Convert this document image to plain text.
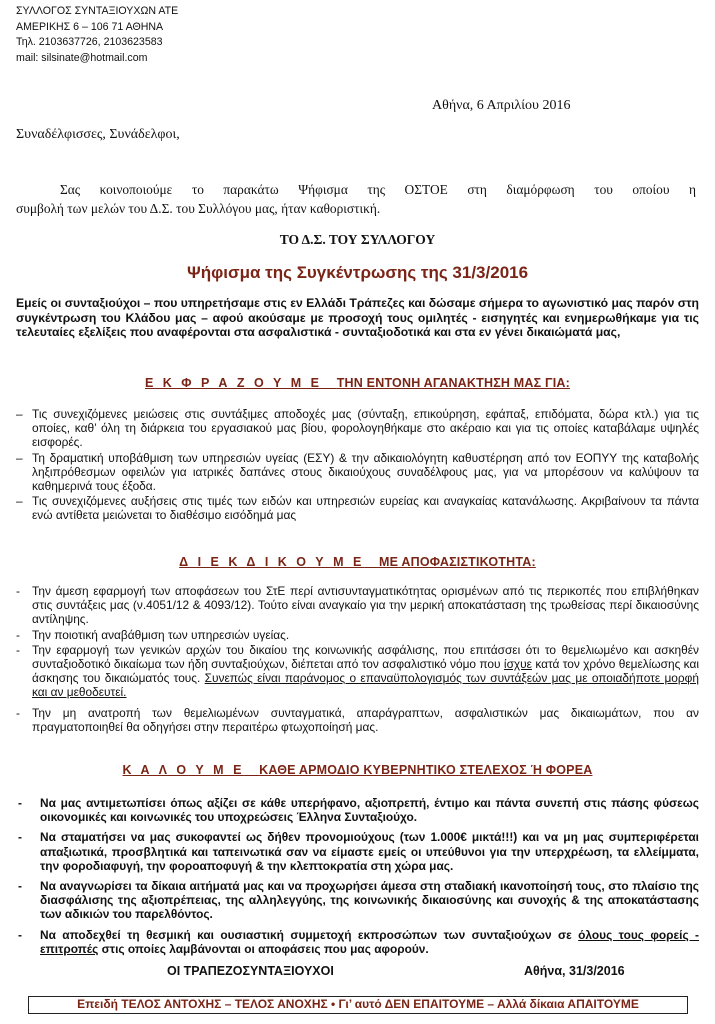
ΣΥΛΛΟΓΟΣ ΣΥΝΤΑΞΙΟΥΧΩΝ ΑΤΕ
ΑΜΕΡΙΚΗΣ 6 – 106 71 ΑΘΗΝΑ
Τηλ. 2103637726, 2103623583
mail: silsinate@hotmail.com
Αθήνα, 6 Απριλίου 2016
Συναδέλφισσες, Συνάδελφοι,
Σας κοινοποιούμε το παρακάτω Ψήφισμα της ΟΣΤΟΕ στη διαμόρφωση του οποίου η
συμβολή των μελών του Δ.Σ. του Συλλόγου μας, ήταν καθοριστική.
ΤΟ Δ.Σ. ΤΟΥ ΣΥΛΛΟΓΟΥ
Ψήφισμα της Συγκέντρωσης της 31/3/2016
Εμείς οι συνταξιούχοι – που υπηρετήσαμε στις εν Ελλάδι Τράπεζες και δώσαμε σήμερα το αγωνιστικό μας παρόν στη συγκέντρωση του Κλάδου μας – αφού ακούσαμε με προσοχή τους ομιλητές - εισηγητές και ενημερωθήκαμε για τις τελευταίες εξελίξεις που αναφέρονται στα ασφαλιστικά - συνταξιοδοτικά και στα εν γένει δικαιώματά μας,
Ε Κ Φ Ρ Α Ζ Ο Υ Μ Ε ΤΗΝ ΕΝΤΟΝΗ ΑΓΑΝΑΚΤΗΣΗ ΜΑΣ ΓΙΑ:
– Τις συνεχιζόμενες μειώσεις στις συντάξιμες αποδοχές μας (σύνταξη, επικούρηση, εφάπαξ, επιδόματα, δώρα κτλ.) για τις οποίες, καθ’ όλη τη διάρκεια του εργασιακού μας βίου, φορολογηθήκαμε στο ακέραιο και για τις οποίες καταβάλαμε υψηλές εισφορές.
– Τη δραματική υποβάθμιση των υπηρεσιών υγείας (ΕΣΥ) & την αδικαιολόγητη καθυστέρηση από τον ΕΟΠΥΥ της καταβολής ληξιπρόθεσμων οφειλών για ιατρικές δαπάνες στους δικαιούχους συναδέλφους μας, για να μπορέσουν να καλύψουν τα καθημερινά τους έξοδα.
– Τις συνεχιζόμενες αυξήσεις στις τιμές των ειδών και υπηρεσιών ευρείας και αναγκαίας κατανάλωσης. Ακριβαίνουν τα πάντα ενώ αντίθετα μειώνεται το διαθέσιμο εισόδημά μας
Δ Ι Ε Κ Δ Ι Κ Ο Υ Μ Ε ΜΕ ΑΠΟΦΑΣΙΣΤΙΚΟΤΗΤΑ:
- Την άμεση εφαρμογή των αποφάσεων του ΣτΕ περί αντισυνταγματικότητας ορισμένων από τις περικοπές που επιβλήθηκαν στις συντάξεις μας (ν.4051/12 & 4093/12). Τούτο είναι αναγκαίο για την μερική αποκατάσταση της τρωθείσας περί δικαιοσύνης αντίληψης.
- Την ποιοτική αναβάθμιση των υπηρεσιών υγείας.
- Την εφαρμογή των γενικών αρχών του δικαίου της κοινωνικής ασφάλισης, που επιτάσσει ότι το θεμελιωμένο και ασκηθέν συνταξιοδοτικό δικαίωμα των ήδη συνταξιούχων, διέπεται από τον ασφαλιστικό νόμο που ίσχυε κατά τον χρόνο θεμελίωσης και άσκησης του δικαιώματός τους. Συνεπώς είναι παράνομος ο επαναϋπολογισμός των συντάξεών μας με οποιαδήποτε μορφή και αν μεθοδευτεί.
- Την μη ανατροπή των θεμελιωμένων συνταγματικά, απαράγραπτων, ασφαλιστικών μας δικαιωμάτων, που αν πραγματοποιηθεί θα οδηγήσει στην περαιτέρω φτωχοποίησή μας.
Κ Α Λ Ο Υ Μ Ε ΚΑΘΕ ΑΡΜΟΔΙΟ ΚΥΒΕΡΝΗΤΙΚΟ ΣΤΕΛΕΧΟΣ Ή ΦΟΡΕΑ
- Να μας αντιμετωπίσει όπως αξίζει σε κάθε υπερήφανο, αξιοπρεπή, έντιμο και πάντα συνεπή στις πάσης φύσεως οικονομικές και κοινωνικές του υποχρεώσεις Έλληνα Συνταξιούχο.
- Να σταματήσει να μας συκοφαντεί ως δήθεν προνομιούχους (των 1.000€ μικτά!!!) και να μη μας συμπεριφέρεται απαξιωτικά, προσβλητικά και ταπεινωτικά σαν να είμαστε εμείς οι υπεύθυνοι για την υπερχρέωση, τα ελλείμματα, την φοροδιαφυγή, την φοροαποφυγή & την κλεπτοκρατία στη χώρα μας.
- Να αναγνωρίσει τα δίκαια αιτήματά μας και να προχωρήσει άμεσα στη σταδιακή ικανοποίησή τους, στο πλαίσιο της διασφάλισης της αξιοπρέπειας, της αλληλεγγύης, της κοινωνικής δικαιοσύνης και συνοχής & της αποκατάστασης των αδικιών του παρελθόντος.
- Να αποδεχθεί τη θεσμική και ουσιαστική συμμετοχή εκπροσώπων των συνταξιούχων σε όλους τους φορείς - επιτροπές στις οποίες λαμβάνονται οι αποφάσεις που μας αφορούν.
ΟΙ ΤΡΑΠΕΖΟΣΥΝΤΑΞΙΟΥΧΟΙ	Αθήνα, 31/3/2016
Επειδή ΤΕΛΟΣ ΑΝΤΟΧΗΣ – ΤΕΛΟΣ ΑΝΟΧΗΣ • Γι’ αυτό ΔΕΝ ΕΠΑΙΤΟΥΜΕ – Αλλά δίκαια ΑΠΑΙΤΟΥΜΕ
